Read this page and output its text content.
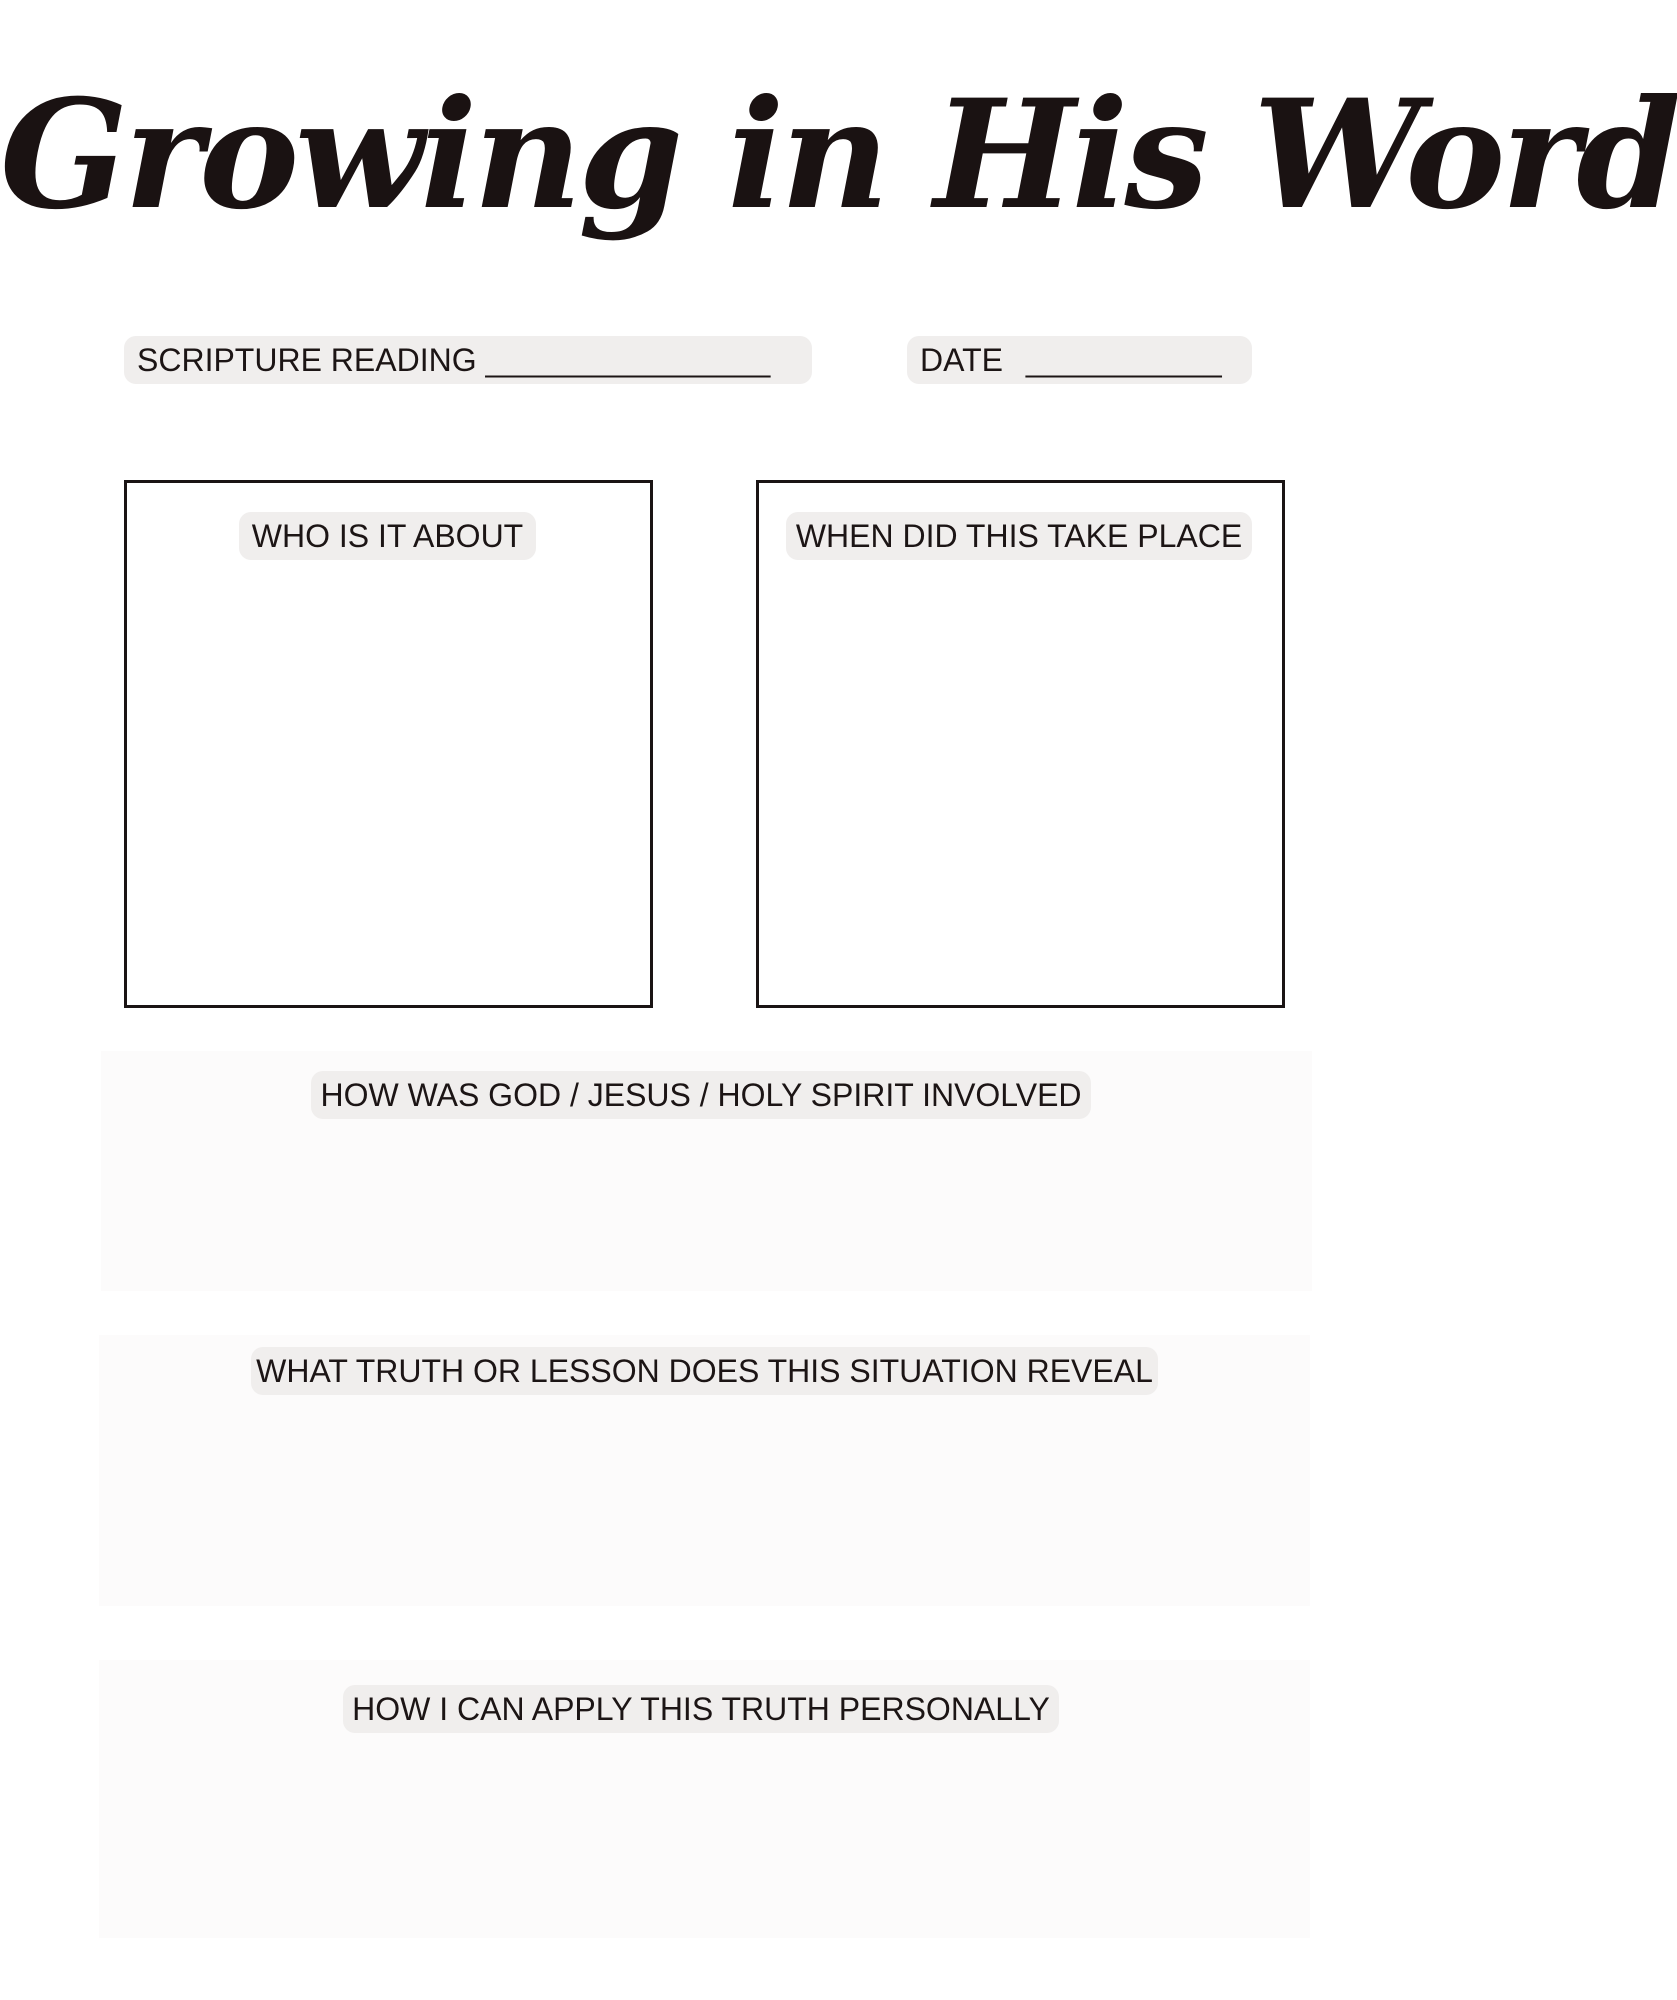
Growing in His Word
SCRIPTURE READING ________________	DATE ___________
WHO IS IT ABOUT	WHEN DID THIS TAKE PLACE
HOW WAS GOD / JESUS / HOLY SPIRIT INVOLVED
WHAT TRUTH OR LESSON DOES THIS SITUATION REVEAL
HOW I CAN APPLY THIS TRUTH PERSONALLY
